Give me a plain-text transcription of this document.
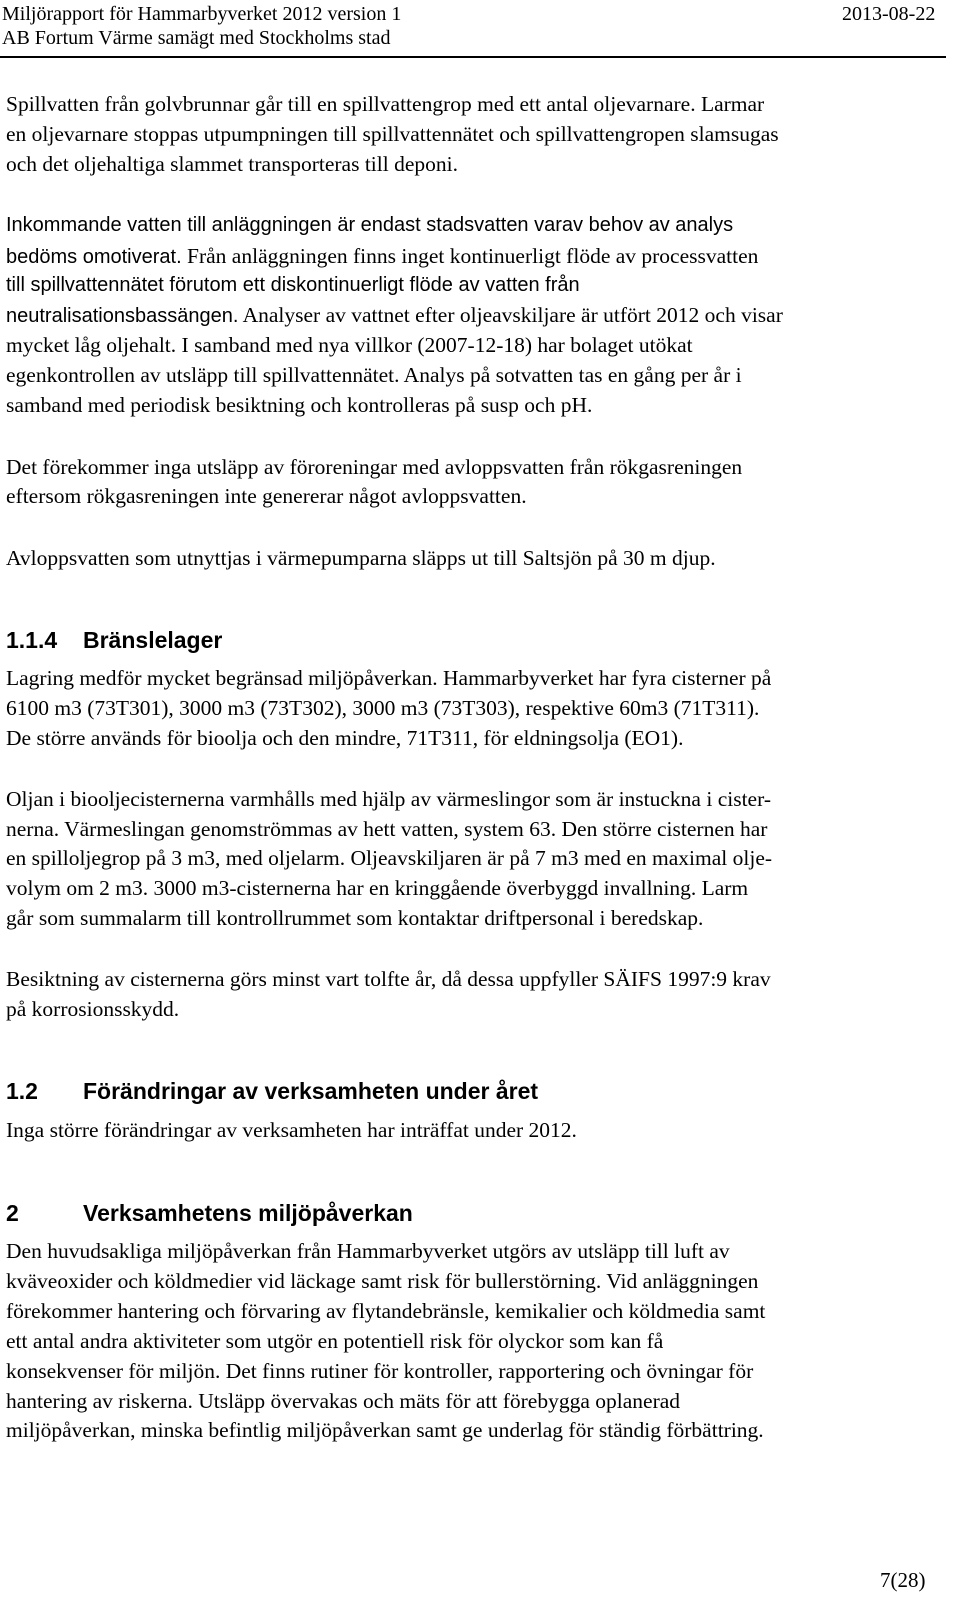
Miljörapport för Hammarbyverket 2012 version 1	2013-08-22
AB Fortum Värme samägt med Stockholms stad
Spillvatten från golvbrunnar går till en spillvattengrop med ett antal oljevarnare. Larmar
en oljevarnare stoppas utpumpningen till spillvattennätet och spillvattengropen slamsugas
och det oljehaltiga slammet transporteras till deponi.
Inkommande vatten till anläggningen är endast stadsvatten varav behov av analys
bedöms omotiverat. Från anläggningen finns inget kontinuerligt flöde av processvatten
till spillvattennätet förutom ett diskontinuerligt flöde av vatten från
neutralisationsbassängen. Analyser av vattnet efter oljeavskiljare är utfört 2012 och visar
mycket låg oljehalt. I samband med nya villkor (2007-12-18) har bolaget utökat
egenkontrollen av utsläpp till spillvattennätet. Analys på sotvatten tas en gång per år i
samband med periodisk besiktning och kontrolleras på susp och pH.
Det förekommer inga utsläpp av föroreningar med avloppsvatten från rökgasreningen
eftersom rökgasreningen inte genererar något avloppsvatten.
Avloppsvatten som utnyttjas i värmepumparna släpps ut till Saltsjön på 30 m djup.
1.1.4 Bränslelager
Lagring medför mycket begränsad miljöpåverkan. Hammarbyverket har fyra cisterner på
6100 m3 (73T301), 3000 m3 (73T302), 3000 m3 (73T303), respektive 60m3 (71T311).
De större används för bioolja och den mindre, 71T311, för eldningsolja (EO1).
Oljan i biooljecisternerna varmhålls med hjälp av värmeslingor som är instuckna i cister-
nerna. Värmeslingan genomströmmas av hett vatten, system 63. Den större cisternen har
en spilloljegrop på 3 m3, med oljelarm. Oljeavskiljaren är på 7 m3 med en maximal olje-
volym om 2 m3. 3000 m3-cisternerna har en kringgående överbyggd invallning. Larm
går som summalarm till kontrollrummet som kontaktar driftpersonal i beredskap.
Besiktning av cisternerna görs minst vart tolfte år, då dessa uppfyller SÄIFS 1997:9 krav
på korrosionsskydd.
1.2 Förändringar av verksamheten under året
Inga större förändringar av verksamheten har inträffat under 2012.
2	Verksamhetens miljöpåverkan
Den huvudsakliga miljöpåverkan från Hammarbyverket utgörs av utsläpp till luft av
kväveoxider och köldmedier vid läckage samt risk för bullerstörning. Vid anläggningen
förekommer hantering och förvaring av flytandebränsle, kemikalier och köldmedia samt
ett antal andra aktiviteter som utgör en potentiell risk för olyckor som kan få
konsekvenser för miljön. Det finns rutiner för kontroller, rapportering och övningar för
hantering av riskerna. Utsläpp övervakas och mäts för att förebygga oplanerad
miljöpåverkan, minska befintlig miljöpåverkan samt ge underlag för ständig förbättring.
7(28)
